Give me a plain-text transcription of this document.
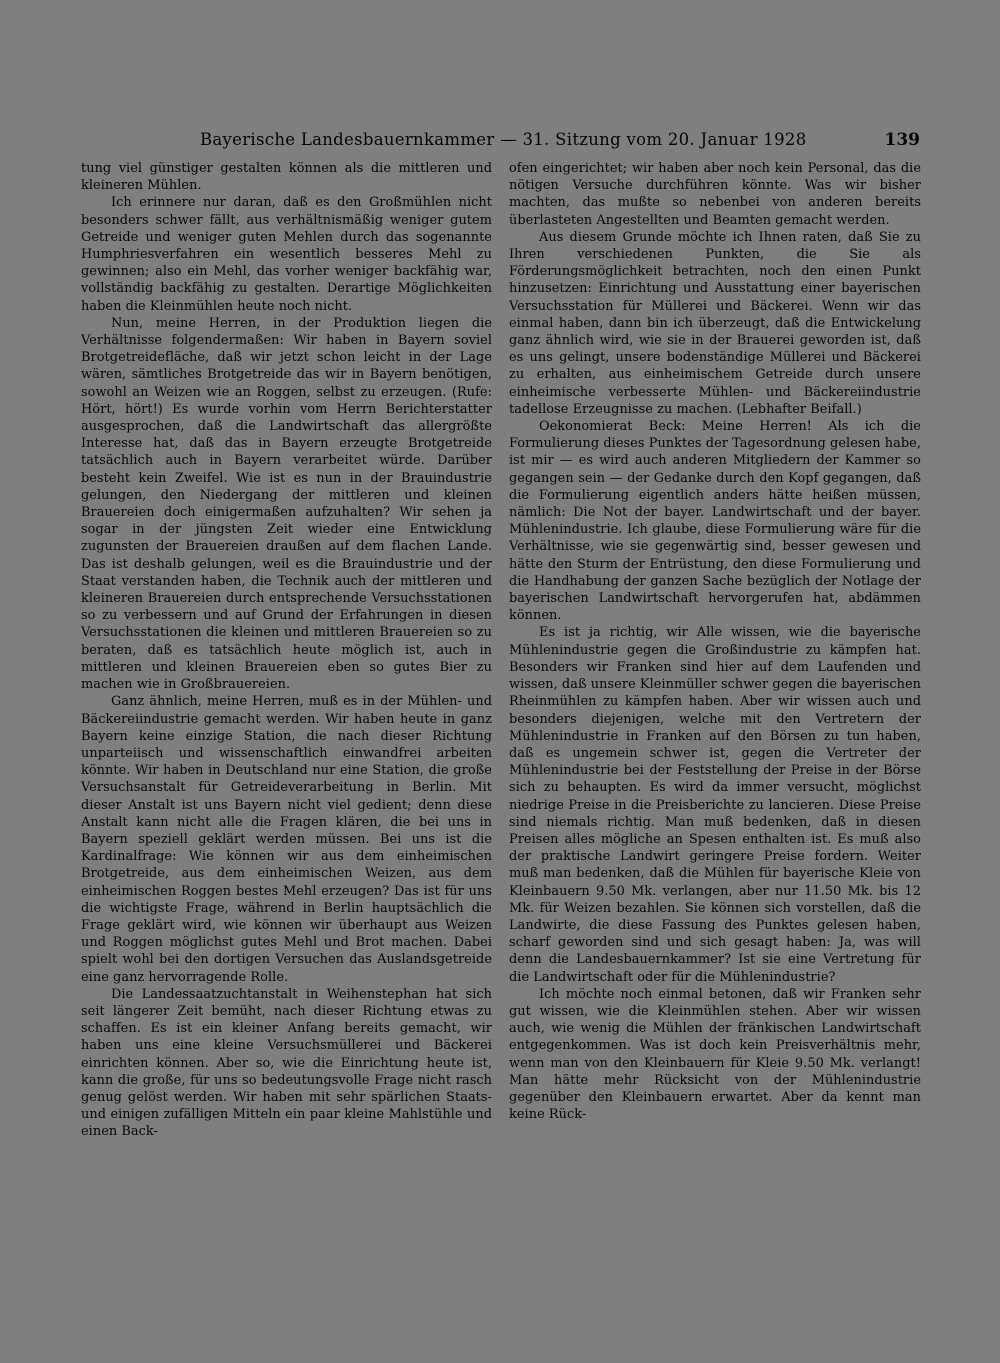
Bayerische Landesbauernkammer — 31. Sitzung vom 20. Januar 1928	139

tung viel günstiger gestalten können als die mittleren und kleineren Mühlen.

Ich erinnere nur daran, daß es den Großmühlen nicht besonders schwer fällt, aus verhältnismäßig weniger gutem Getreide und weniger guten Mehlen durch das sogenannte Humphriesverfahren ein wesentlich besseres Mehl zu gewinnen; also ein Mehl, das vorher weniger backfähig war, vollständig backfähig zu gestalten. Derartige Möglichkeiten haben die Kleinmühlen heute noch nicht.

Nun, meine Herren, in der Produktion liegen die Verhältnisse folgendermaßen: Wir haben in Bayern soviel Brotgetreidefläche, daß wir jetzt schon leicht in der Lage wären, sämtliches Brotgetreide das wir in Bayern benötigen, sowohl an Weizen wie an Roggen, selbst zu erzeugen. (Rufe: Hört, hört!) Es wurde vorhin vom Herrn Berichterstatter ausgesprochen, daß die Landwirtschaft das allergrößte Interesse hat, daß das in Bayern erzeugte Brotgetreide tatsächlich auch in Bayern verarbeitet würde. Darüber besteht kein Zweifel. Wie ist es nun in der Brauindustrie gelungen, den Niedergang der mittleren und kleinen Brauereien doch einigermaßen aufzuhalten? Wir sehen ja sogar in der jüngsten Zeit wieder eine Entwicklung zugunsten der Brauereien draußen auf dem flachen Lande. Das ist deshalb gelungen, weil es die Brauindustrie und der Staat verstanden haben, die Technik auch der mittleren und kleineren Brauereien durch entsprechende Versuchsstationen so zu verbessern und auf Grund der Erfahrungen in diesen Versuchsstationen die kleinen und mittleren Brauereien so zu beraten, daß es tatsächlich heute möglich ist, auch in mittleren und kleinen Brauereien eben so gutes Bier zu machen wie in Großbrauereien.

Ganz ähnlich, meine Herren, muß es in der Mühlen- und Bäckereiindustrie gemacht werden. Wir haben heute in ganz Bayern keine einzige Station, die nach dieser Richtung unparteiisch und wissenschaftlich einwandfrei arbeiten könnte. Wir haben in Deutschland nur eine Station, die große Versuchsanstalt für Getreideverarbeitung in Berlin. Mit dieser Anstalt ist uns Bayern nicht viel gedient; denn diese Anstalt kann nicht alle die Fragen klären, die bei uns in Bayern speziell geklärt werden müssen. Bei uns ist die Kardinalfrage: Wie können wir aus dem einheimischen Brotgetreide, aus dem einheimischen Weizen, aus dem einheimischen Roggen bestes Mehl erzeugen? Das ist für uns die wichtigste Frage, während in Berlin hauptsächlich die Frage geklärt wird, wie können wir überhaupt aus Weizen und Roggen möglichst gutes Mehl und Brot machen. Dabei spielt wohl bei den dortigen Versuchen das Auslandsgetreide eine ganz hervorragende Rolle.

Die Landessaatzuchtanstalt in Weihenstephan hat sich seit längerer Zeit bemüht, nach dieser Richtung etwas zu schaffen. Es ist ein kleiner Anfang bereits gemacht, wir haben uns eine kleine Versuchsmüllerei und Bäckerei einrichten können. Aber so, wie die Einrichtung heute ist, kann die große, für uns so bedeutungsvolle Frage nicht rasch genug gelöst werden. Wir haben mit sehr spärlichen Staats- und einigen zufälligen Mitteln ein paar kleine Mahlstühle und einen Back-

ofen eingerichtet; wir haben aber noch kein Personal, das die nötigen Versuche durchführen könnte. Was wir bisher machten, das mußte so nebenbei von anderen bereits überlasteten Angestellten und Beamten gemacht werden.

Aus diesem Grunde möchte ich Ihnen raten, daß Sie zu Ihren verschiedenen Punkten, die Sie als Förderungsmöglichkeit betrachten, noch den einen Punkt hinzusetzen: Einrichtung und Ausstattung einer bayerischen Versuchsstation für Müllerei und Bäckerei. Wenn wir das einmal haben, dann bin ich überzeugt, daß die Entwickelung ganz ähnlich wird, wie sie in der Brauerei geworden ist, daß es uns gelingt, unsere bodenständige Müllerei und Bäckerei zu erhalten, aus einheimischem Getreide durch unsere einheimische verbesserte Mühlen- und Bäckereiindustrie tadellose Erzeugnisse zu machen. (Lebhafter Beifall.)

Oekonomierat Beck: Meine Herren! Als ich die Formulierung dieses Punktes der Tagesordnung gelesen habe, ist mir — es wird auch anderen Mitgliedern der Kammer so gegangen sein — der Gedanke durch den Kopf gegangen, daß die Formulierung eigentlich anders hätte heißen müssen, nämlich: Die Not der bayer. Landwirtschaft und der bayer. Mühlenindustrie. Ich glaube, diese Formulierung wäre für die Verhältnisse, wie sie gegenwärtig sind, besser gewesen und hätte den Sturm der Entrüstung, den diese Formulierung und die Handhabung der ganzen Sache bezüglich der Notlage der bayerischen Landwirtschaft hervorgerufen hat, abdämmen können.

Es ist ja richtig, wir Alle wissen, wie die bayerische Mühlenindustrie gegen die Großindustrie zu kämpfen hat. Besonders wir Franken sind hier auf dem Laufenden und wissen, daß unsere Kleinmüller schwer gegen die bayerischen Rheinmühlen zu kämpfen haben. Aber wir wissen auch und besonders diejenigen, welche mit den Vertretern der Mühlenindustrie in Franken auf den Börsen zu tun haben, daß es ungemein schwer ist, gegen die Vertreter der Mühlenindustrie bei der Feststellung der Preise in der Börse sich zu behaupten. Es wird da immer versucht, möglichst niedrige Preise in die Preisberichte zu lancieren. Diese Preise sind niemals richtig. Man muß bedenken, daß in diesen Preisen alles mögliche an Spesen enthalten ist. Es muß also der praktische Landwirt geringere Preise fordern. Weiter muß man bedenken, daß die Mühlen für bayerische Kleie von Kleinbauern 9.50 Mk. verlangen, aber nur 11.50 Mk. bis 12 Mk. für Weizen bezahlen. Sie können sich vorstellen, daß die Landwirte, die diese Fassung des Punktes gelesen haben, scharf geworden sind und sich gesagt haben: Ja, was will denn die Landesbauernkammer? Ist sie eine Vertretung für die Landwirtschaft oder für die Mühlenindustrie?

Ich möchte noch einmal betonen, daß wir Franken sehr gut wissen, wie die Kleinmühlen stehen. Aber wir wissen auch, wie wenig die Mühlen der fränkischen Landwirtschaft entgegenkommen. Was ist doch kein Preisverhältnis mehr, wenn man von den Kleinbauern für Kleie 9.50 Mk. verlangt! Man hätte mehr Rücksicht von der Mühlenindustrie gegenüber den Kleinbauern erwartet. Aber da kennt man keine Rück-
